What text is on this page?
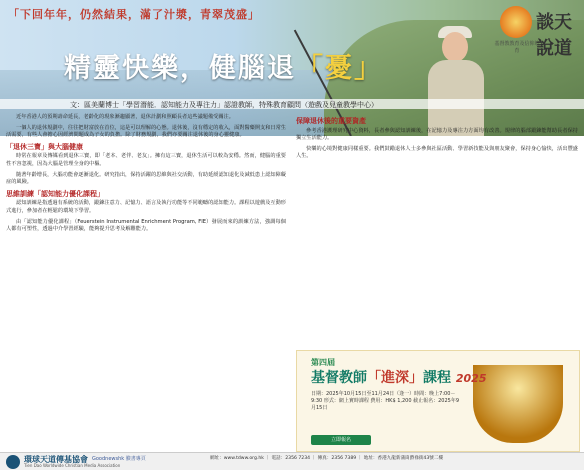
「下回年年，仍然結果，滿了汁漿，青翠茂盛」
精靈快樂，健腦退「憂」
基督教教育及信仰培育
談天說道
文：區美蘭博士「學習潛能．認知能力及專注力」認證教師，特殊教育顧問（遊戲及兒童教學中心）

近年香港人的預期壽命延長，老齡化的現象漸趨顯著，退休計劃和照顧長者這些議題備受關注。

一個人的退休規劃中，往往把財富放在首位，這是可以理解的心態。退休後，沒有穩定的收入，面對醫藥開支和日常生活需要，有些人會擔心因經濟問題成為子女的負擔。除了財務規劃，我們亦要關注退休後的身心靈健康。

「退休三寶」與大腦健康

時常在報章及傳媒看到退休三寶，即「老本、老伴、老友」。擁有這三寶，退休生活可以較為安穩。然而，健腦的重要性不容忽視，因為大腦是管理全身的中樞。

隨著年齡增長，大腦功能會逐漸退化。研究指出，保持活躍的思維與社交活動，有助延緩認知退化及減低患上認知障礙症的風險。

思維訓練「認知能力優化課程」

認知訓練是指透過有系統的活動，鍛鍊注意力、記憶力、語言及執行功能等不同範疇的認知能力。課程以遊戲及互動形式進行，參加者在輕鬆的環境下學習。

由「認知能力優化課程」（Feuerstein Instrumental Enrichment Program, FIE）發展而來的訓練方法，強調每個人都有可塑性，透過中介學習經驗，能夠提升思考及解難能力。

保障退休後的重要資產

參考香港護理研究中心資料，長者參與認知訓練後，在記憶力及專注力方面均有改善。規律的腦部鍛鍊能幫助長者保持獨立生活能力。

快樂的心境對健康同樣重要。我們鼓勵退休人士多參與社區活動、學習新技能及與朋友聚會，保持身心愉快，活出豐盛人生。

第四屆
基督教師「進深」課程 2025
日期：2025年10月15日至11月24日（逢一）時間：晚上7:00－9:30 形式：網上實時課程 費用：HK$ 1,200 截止報名：2025年9月15日
立即報名
環球天道傳基協會
Tien Dao Worldwide Christian Media Association
Goodnewshk 臉書專頁	網址：www.tdww.org.hk ｜ 電話：2356 7234 ｜ 傳真：2356 7389 ｜ 地址：香港九龍新蒲崗爵祿街43號二樓
